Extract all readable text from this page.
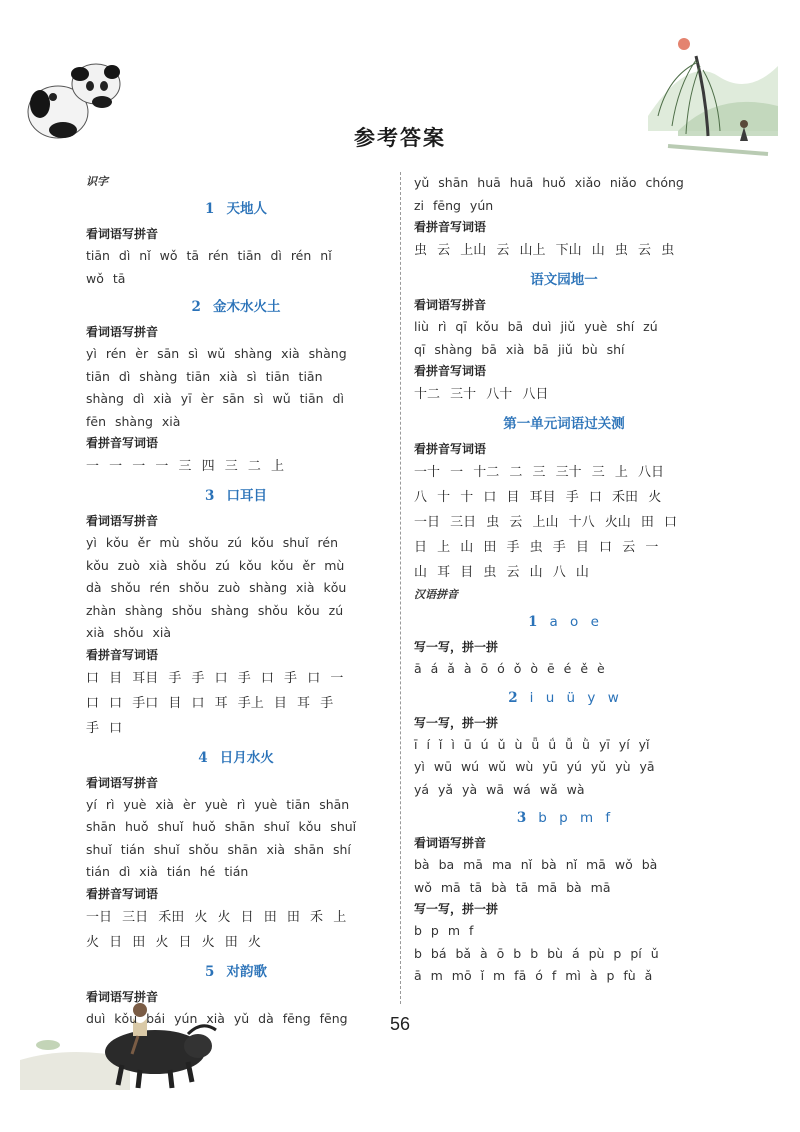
参考答案
识字
1 天地人
看词语写拼音
tiān dì nǐ wǒ tā rén tiān dì rén nǐ
wǒ tā
2 金木水火土
看词语写拼音
yì rén èr sān sì wǔ shàng xià shàng
tiān dì shàng tiān xià sì tiān tiān
shàng dì xià yī èr sān sì wǔ tiān dì
fēn shàng xià
看拼音写词语
一 一 一 一 三 四 三 二 上
3 口耳目
看词语写拼音
yì kǒu ěr mù shǒu zú kǒu shuǐ rén
kǒu zuò xià shǒu zú kǒu kǒu ěr mù
dà shǒu rén shǒu zuò shàng xià kǒu
zhàn shàng shǒu shàng shǒu kǒu zú
xià shǒu xià
看拼音写词语
口 目 耳目 手 手 口 手 口 手 口 一
口 口 手口 目 口 耳 手上 目 耳 手
手 口
4 日月水火
看词语写拼音
yí rì yuè xià èr yuè rì yuè tiān shān
shān huǒ shuǐ huǒ shān shuǐ kǒu shuǐ
shuǐ tián shuǐ shǒu shān xià shān shí
tián dì xià tián hé tián
看拼音写词语
一日 三日 禾田 火 火 日 田 田 禾 上
火 日 田 火 日 火 田 火
5 对韵歌
看词语写拼音
duì kǒu bái yún xià yǔ dà fēng fēng
yǔ shān huā huā huǒ xiǎo niǎo chóng
zi fēng yún
看拼音写词语
虫 云 上山 云 山上 下山 山 虫 云 虫
语文园地一
看词语写拼音
liù rì qī kǒu bā duì jiǔ yuè shí zú
qī shàng bā xià bā jiǔ bù shí
看拼音写词语
十二 三十 八十 八日
第一单元词语过关测
看拼音写词语
一十 一 十二 二 三 三十 三 上 八日
八 十 十 口 目 耳目 手 口 禾田 火
一日 三日 虫 云 上山 十八 火山 田 口
日 上 山 田 手 虫 手 目 口 云 一
山 耳 目 虫 云 山 八 山
汉语拼音
1 a o e
写一写，拼一拼
ā á ǎ à ō ó ǒ ò ē é ě è
2 i u ü y w
写一写，拼一拼
ī í ǐ ì ū ú ǔ ù ǖ ǘ ǚ ǜ yī yí yǐ
yì wū wú wǔ wù yū yú yǔ yù yā
yá yǎ yà wā wá wǎ wà
3 b p m f
看词语写拼音
bà ba mā ma nǐ bà nǐ mā wǒ bà
wǒ mā tā bà tā mā bà mā
写一写，拼一拼
b p m f
b bá bǎ à ō b b bù á pù p pí ǔ
ā m mō ǐ m fā ó f mì à p fù ǎ
56
